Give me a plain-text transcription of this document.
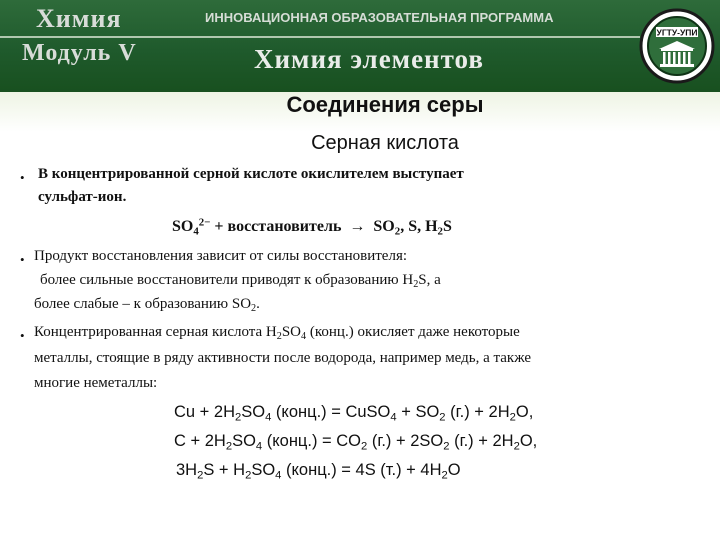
Химия
Модуль V
ИННОВАЦИОННАЯ ОБРАЗОВАТЕЛЬНАЯ ПРОГРАММА
Химия элементов
УГТУ-УПИ
Соединения серы
Серная кислота
• В концентрированной серной кислоте окислителем выступает
сульфат-ион.
$SO_4^{2-}$ + восстановитель → $SO_2$, S, $H_2S$
• Продукт восстановления зависит от силы восстановителя:
более сильные восстановители приводят к образованию $H_2S$, а
более слабые – к образованию $SO_2$.
• Концентрированная серная кислота $H_2SO_4$ (конц.) окисляет даже некоторые
металлы, стоящие в ряду активности после водорода, например медь, а также
многие неметаллы:
$Cu + 2H_2SO_4$ (конц.) = CuSO$_4$ + $SO_2$ $(г.) + 2H_2O$,
$C + 2H_2SO_4$ (конц.) = $CO_2$ $(г.) + 2SO_2$ $(г.) + 2H_2O$,
$3H_2S + H_2SO_4$ (конц.) = 4S $(т.) + 4H_2O$
